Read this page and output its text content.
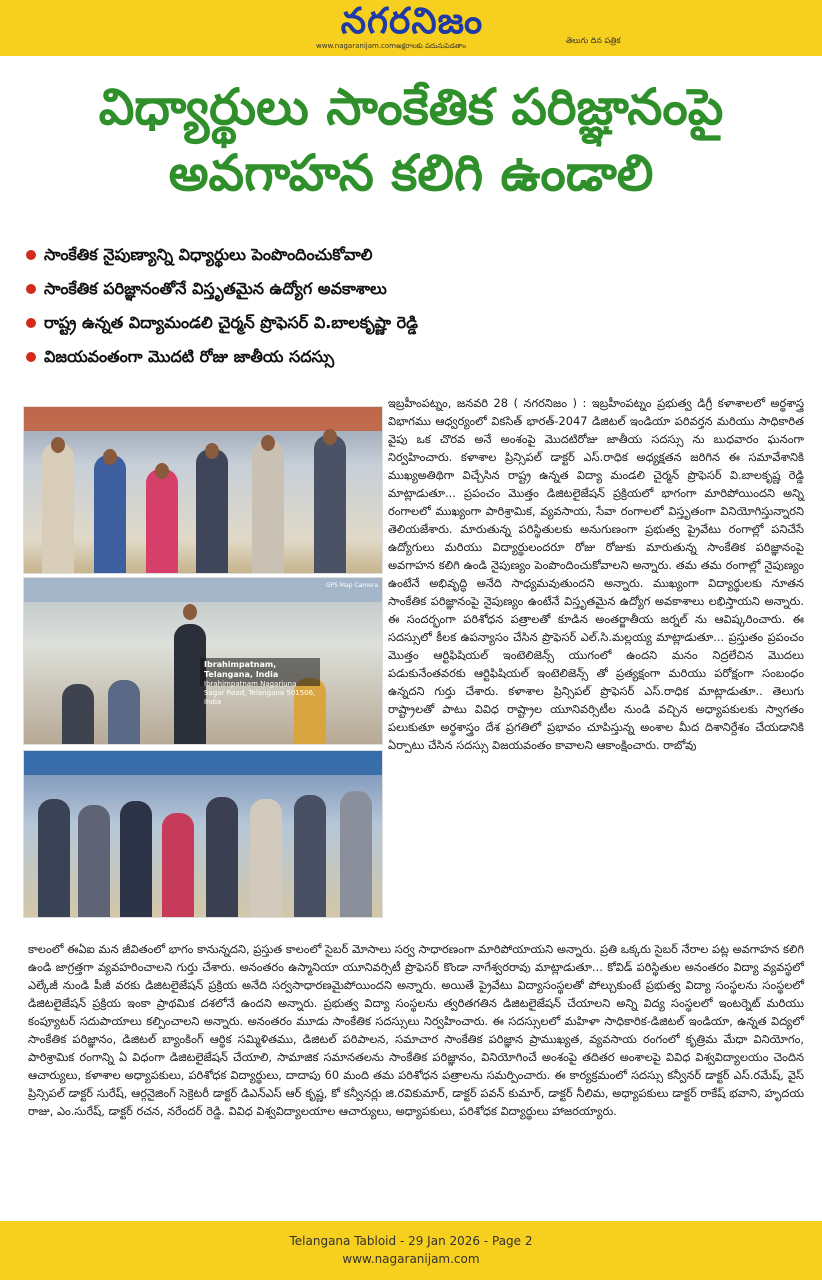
నగరనిజం
www.nagaranijam.com అక్షరాలకు పదునుపెడతాం
తెలుగు దిన పత్రిక
విధ్యార్థులు సాంకేతిక పరిజ్ఞానంపై
అవగాహన కలిగి ఉండాలి
సాంకేతిక నైపుణ్యాన్ని విధ్యార్థులు పెంపొందించుకోవాలి
సాంకేతిక పరిజ్ఞానంతోనే విస్తృతమైన ఉద్యోగ అవకాశాలు
రాష్ట్ర ఉన్నత విద్యామండలి చైర్మన్ ప్రొఫెసర్ వి.బాలకృష్ణా రెడ్డి
విజయవంతంగా మొదటి రోజు జాతీయ సదస్సు
Ibrahimpatnam, Telangana, India
Ibrahimpatnam Nagarjuna Sagar Road, Telangana 501506, India
GPS Map Camera

ఇబ్రహీంపట్నం, జనవరి 28 ( నగరనిజం ) : ఇబ్రహీంపట్నం ప్రభుత్వ డిగ్రీ కళాశాలలో అర్థశాస్త్ర విభాగము ఆధ్వర్యంలో వికసిత్ భారత్-2047 డిజిటల్ ఇండియా పరివర్తన మరియు సాధికారిత వైపు ఒక చొరవ అనే అంశంపై మొదటిరోజు జాతీయ సదస్సు ను బుధవారం ఘనంగా నిర్వహించారు. కళాశాల ప్రిన్సిపల్ డాక్టర్ ఎస్.రాధిక అధ్యక్షతన జరిగిన ఈ సమావేశానికి ముఖ్యఅతిథిగా విచ్చేసిన రాష్ట్ర ఉన్నత విద్యా మండలి చైర్మన్ ప్రొఫెసర్ వి.బాలకృష్ణ రెడ్డి మాట్లాడుతూ... ప్రపంచం మొత్తం డిజిటలైజేషన్ ప్రక్రియలో భాగంగా మారిపోయిందని అన్ని రంగాలలో ముఖ్యంగా పారిశ్రామిక, వ్యవసాయ, సేవా రంగాలలో విస్తృతంగా వినియోగిస్తున్నారని తెలియజేశారు. మారుతున్న పరిస్థితులకు అనుగుణంగా ప్రభుత్వ ప్రైవేటు రంగాల్లో పనిచేసే ఉద్యోగులు మరియు విద్యార్థులందరూ రోజు రోజుకు మారుతున్న సాంకేతిక పరిజ్ఞానంపై అవగాహన కలిగి ఉండి నైపుణ్యం పెంపొందించుకోవాలని అన్నారు. తమ తమ రంగాల్లో నైపుణ్యం ఉంటేనే అభివృద్ధి అనేది సాధ్యమవుతుందని అన్నారు. ముఖ్యంగా విద్యార్థులకు నూతన సాంకేతిక పరిజ్ఞానంపై నైపుణ్యం ఉంటేనే విస్తృతమైన ఉద్యోగ అవకాశాలు లభిస్తాయని అన్నారు. ఈ సందర్భంగా పరిశోధన పత్రాలతో కూడిన అంతర్జాతీయ జర్నల్ ను ఆవిష్కరించారు. ఈ సదస్సులో కీలక ఉపన్యాసం చేసిన ప్రొఫెసర్ ఎల్.సి.మల్లయ్య మాట్లాడుతూ... ప్రస్తుతం ప్రపంచం మొత్తం ఆర్టిఫిషియల్ ఇంటెలిజెన్స్ యుగంలో ఉందని మనం నిద్రలేచిన మొదలు పడుకునేంతవరకు ఆర్టిఫిషియల్ ఇంటెలిజెన్స్ తో ప్రత్యక్షంగా మరియు పరోక్షంగా సంబంధం ఉన్నదని గుర్తు చేశారు. కళాశాల ప్రిన్సిపల్ ప్రొఫెసర్ ఎస్.రాధిక మాట్లాడుతూ.. తెలుగు రాష్ట్రాలతో పాటు వివిధ రాష్ట్రాల యూనివర్సిటీల నుండి వచ్చిన అధ్యాపకులకు స్వాగతం పలుకుతూ అర్థశాస్త్రం దేశ ప్రగతిలో ప్రభావం చూపిస్తున్న అంశాల మీద దిశానిర్దేశం చేయడానికి ఏర్పాటు చేసిన సదస్సు విజయవంతం కావాలని ఆకాంక్షించారు. రాబోవు

కాలంలో ఈఏఐ మన జీవితంలో భాగం కానున్నదని, ప్రస్తుత కాలంలో సైబర్ మోసాలు సర్వ సాధారణంగా మారిపోయాయని అన్నారు. ప్రతి ఒక్కరు సైబర్ నేరాల పట్ల అవగాహన కలిగి ఉండి జాగ్రత్తగా వ్యవహరించాలని గుర్తు చేశారు. అనంతరం ఉస్మానియా యూనివర్సిటీ ప్రొఫెసర్ కొండా నాగేశ్వరరావు మాట్లాడుతూ... కోవిడ్ పరిస్థితుల అనంతరం విద్యా వ్యవస్థలో ఎల్కేజీ నుండి పీజీ వరకు డిజిటలైజేషన్ ప్రక్రియ అనేది సర్వసాధారణమైపోయిందని అన్నారు. అయితే ప్రైవేటు విద్యాసంస్థలతో పోల్చుకుంటే ప్రభుత్వ విద్యా సంస్థలను సంస్థలలో డిజిటలైజేషన్ ప్రక్రియ ఇంకా ప్రాథమిక దశలోనే ఉందని అన్నారు. ప్రభుత్వ విద్యా సంస్థలను త్వరితగతిన డిజిటలైజేషన్ చేయాలని అన్ని విద్య సంస్థలలో ఇంటర్నెట్ మరియు కంప్యూటర్ సదుపాయాలు కల్పించాలని అన్నారు. అనంతరం మూడు సాంకేతిక సదస్సులు నిర్వహించారు. ఈ సదస్సులలో మహిళా సాధికారిక-డిజిటల్ ఇండియా, ఉన్నత విద్యలో సాంకేతిక పరిజ్ఞానం, డిజిటల్ బ్యాంకింగ్ ఆర్థిక సమ్మిళితము, డిజిటల్ పరిపాలన, సమాచార సాంకేతిక పరిజ్ఞాన ప్రాముఖ్యత, వ్యవసాయ రంగంలో కృత్రిమ మేధా వినియోగం, పారిశ్రామిక రంగాన్ని ఏ విధంగా డిజిటలైజేషన్ చేయాలి, సామాజిక సమానతలను సాంకేతిక పరిజ్ఞానం, వినియోగించే అంశంపై తదితర అంశాలపై వివిధ విశ్వవిద్యాలయం చెందిన ఆచార్యులు, కళాశాల అధ్యాపకులు, పరిశోధక విద్యార్థులు, దాదాపు 60 మంది తమ పరిశోధన పత్రాలను సమర్పించారు. ఈ కార్యక్రమంలో సదస్సు కన్వీనర్ డాక్టర్ ఎస్.రమేష్, వైస్ ప్రిన్సిపల్ డాక్టర్ సురేష్, ఆర్గనైజింగ్ సెక్రెటరీ డాక్టర్ డిఎన్ఎస్ ఆర్ కృష్ణ, కో కన్వీనర్లు జి.రవికుమార్, డాక్టర్ పవన్ కుమార్, డాక్టర్ నీలిమ, అధ్యాపకులు డాక్టర్ రాకేష్ భవాని, హృదయ రాజు, ఎం.సురేష్, డాక్టర్ రచన, నరేందర్ రెడ్డి. వివిధ విశ్వవిద్యాలయాల ఆచార్యులు, అధ్యాపకులు, పరిశోధక విద్యార్థులు హాజరయ్యారు.

Telangana Tabloid - 29 Jan 2026 - Page 2
www.nagaranijam.com
